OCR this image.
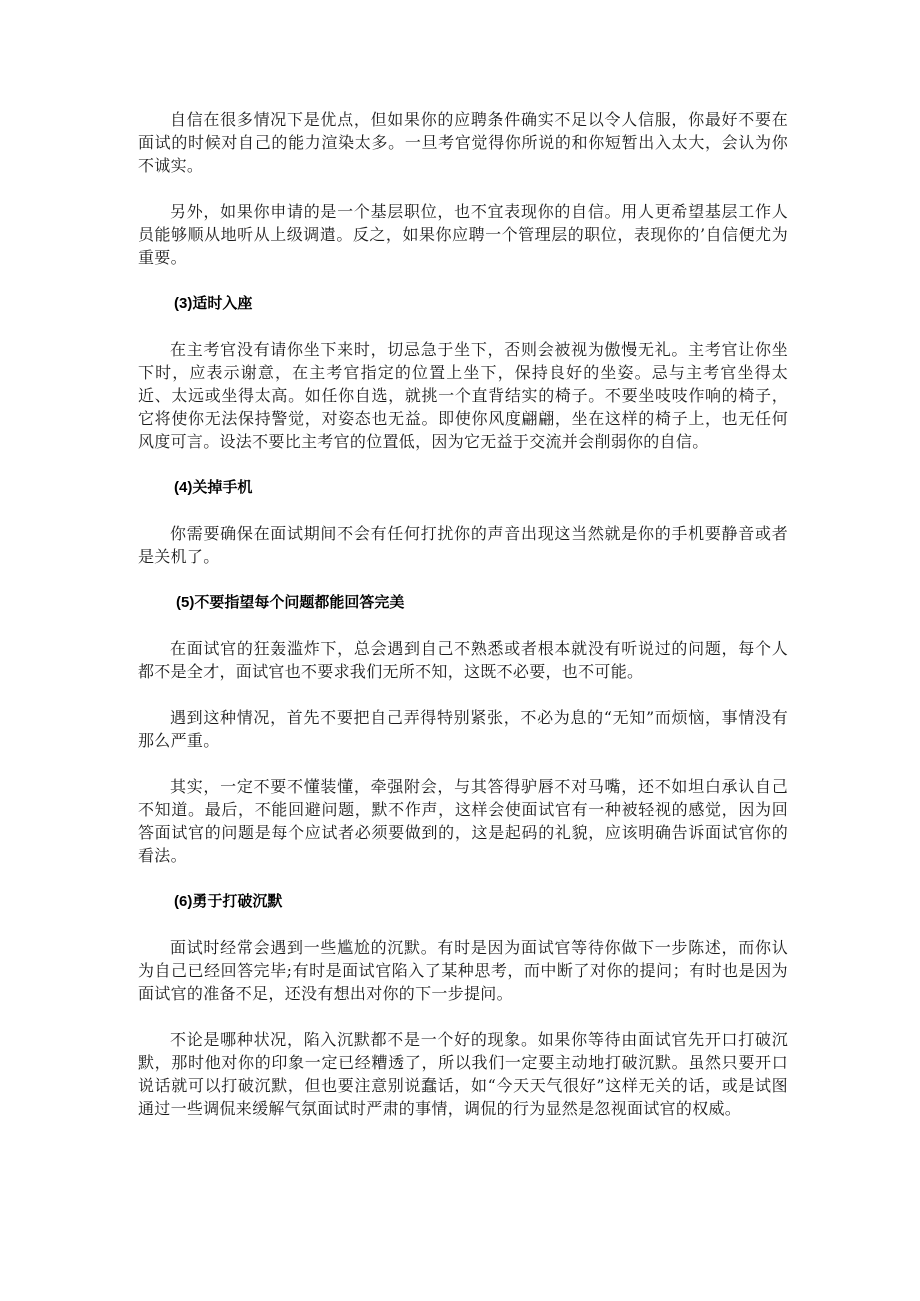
自信在很多情况下是优点，但如果你的应聘条件确实不足以令人信服，你最好不要在面试的时候对自己的能力渲染太多。一旦考官觉得你所说的和你短暂出入太大，会认为你不诚实。

另外，如果你申请的是一个基层职位，也不宜表现你的自信。用人更希望基层工作人员能够顺从地听从上级调遣。反之，如果你应聘一个管理层的职位，表现你的’自信便尤为重要。

(3)适时入座

在主考官没有请你坐下来时，切忌急于坐下，否则会被视为傲慢无礼。主考官让你坐下时，应表示谢意，在主考官指定的位置上坐下，保持良好的坐姿。忌与主考官坐得太近、太远或坐得太高。如任你自选，就挑一个直背结实的椅子。不要坐吱吱作响的椅子，它将使你无法保持警觉，对姿态也无益。即使你风度翩翩，坐在这样的椅子上，也无任何风度可言。设法不要比主考官的位置低，因为它无益于交流并会削弱你的自信。

(4)关掉手机

你需要确保在面试期间不会有任何打扰你的声音出现这当然就是你的手机要静音或者是关机了。

(5)不要指望每个问题都能回答完美

在面试官的狂轰滥炸下，总会遇到自己不熟悉或者根本就没有听说过的问题，每个人都不是全才，面试官也不要求我们无所不知，这既不必要，也不可能。

遇到这种情况，首先不要把自己弄得特别紧张，不必为息的“无知”而烦恼，事情没有那么严重。

其实，一定不要不懂装懂，牵强附会，与其答得驴唇不对马嘴，还不如坦白承认自己不知道。最后，不能回避问题，默不作声，这样会使面试官有一种被轻视的感觉，因为回答面试官的问题是每个应试者必须要做到的，这是起码的礼貌，应该明确告诉面试官你的看法。

(6)勇于打破沉默

面试时经常会遇到一些尴尬的沉默。有时是因为面试官等待你做下一步陈述，而你认为自己已经回答完毕;有时是面试官陷入了某种思考，而中断了对你的提问；有时也是因为面试官的准备不足，还没有想出对你的下一步提问。

不论是哪种状况，陷入沉默都不是一个好的现象。如果你等待由面试官先开口打破沉默，那时他对你的印象一定已经糟透了，所以我们一定要主动地打破沉默。虽然只要开口说话就可以打破沉默，但也要注意别说蠢话，如“今天天气很好”这样无关的话，或是试图通过一些调侃来缓解气氛面试时严肃的事情，调侃的行为显然是忽视面试官的权威。
